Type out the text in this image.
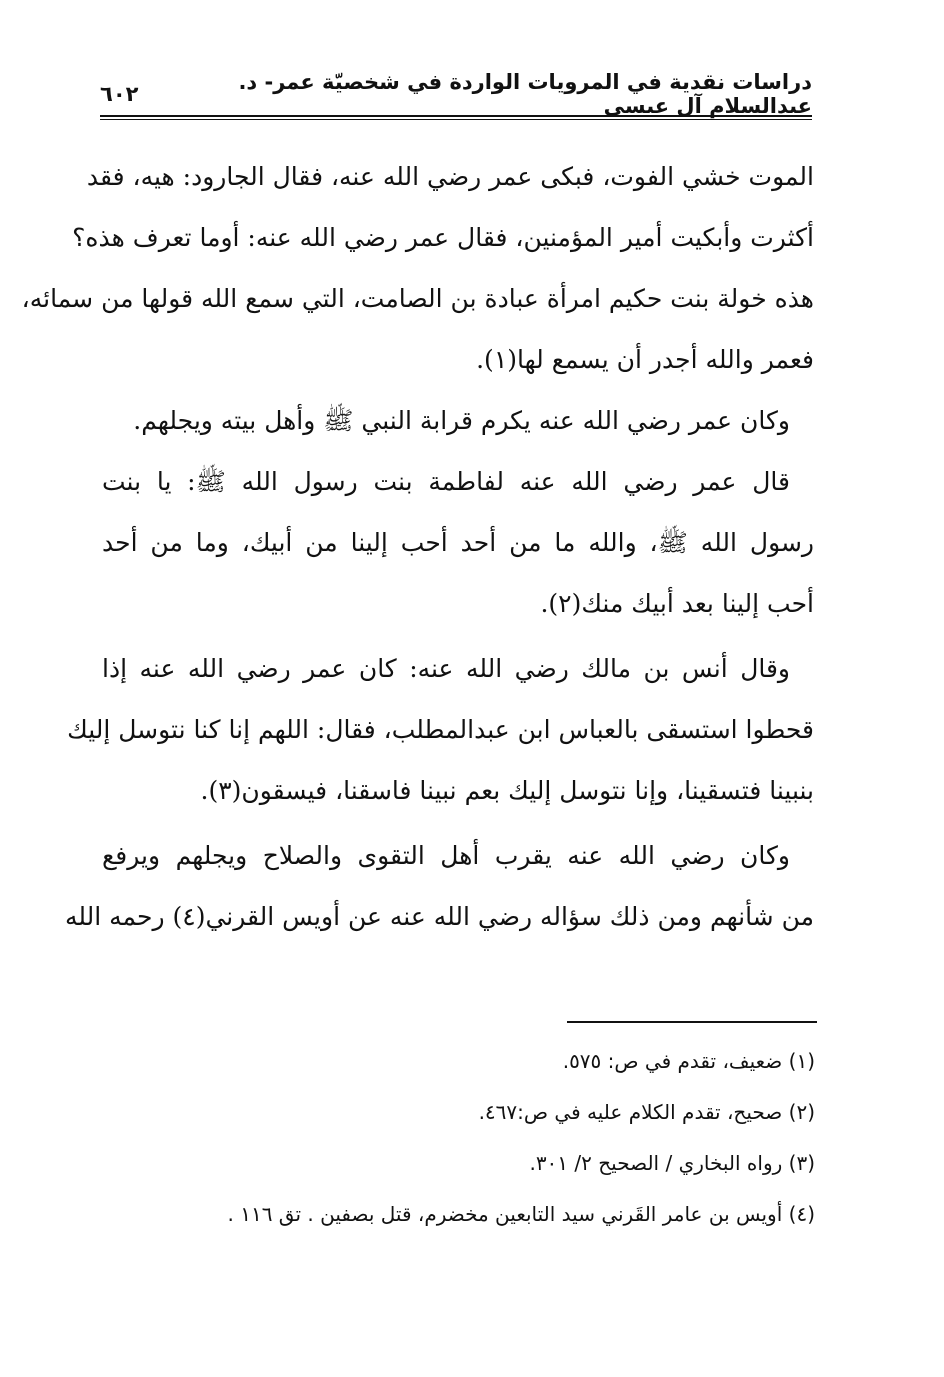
دراسات نقدية في المرويات الواردة في شخصيّة عمر- د. عبدالسلام آل عيسى
٦٠٢
الموت خشي الفوت، فبكى عمر رضي الله عنه، فقال الجارود: هيه، فقد
أكثرت وأبكيت أمير المؤمنين، فقال عمر رضي الله عنه: أوما تعرف هذه؟
هذه خولة بنت حكيم امرأة عبادة بن الصامت، التي سمع الله قولها من سمائه،
فعمر والله أجدر أن يسمع لها(١).
وكان عمر رضي الله عنه يكرم قرابة النبي ﷺ وأهل بيته ويجلهم.
قال عمر رضي الله عنه لفاطمة بنت رسول الله ﷺ: يا بنت
رسول الله ﷺ، والله ما من أحد أحب إلينا من أبيك، وما من أحد
أحب إلينا بعد أبيك منك(٢).
وقال أنس بن مالك رضي الله عنه: كان عمر رضي الله عنه إذا
قحطوا استسقى بالعباس ابن عبدالمطلب، فقال: اللهم إنا كنا نتوسل إليك
بنبينا فتسقينا، وإنا نتوسل إليك بعم نبينا فاسقنا، فيسقون(٣).
وكان رضي الله عنه يقرب أهل التقوى والصلاح ويجلهم ويرفع
من شأنهم ومن ذلك سؤاله رضي الله عنه عن أويس القرني(٤) رحمه الله
(١) ضعيف، تقدم في ص: ٥٧٥.
(٢) صحيح، تقدم الكلام عليه في ص:٤٦٧.
(٣) رواه البخاري / الصحيح ٢/ ٣٠١.
(٤) أويس بن عامر القَرني سيد التابعين مخضرم، قتل بصفين . تق ١١٦ .
